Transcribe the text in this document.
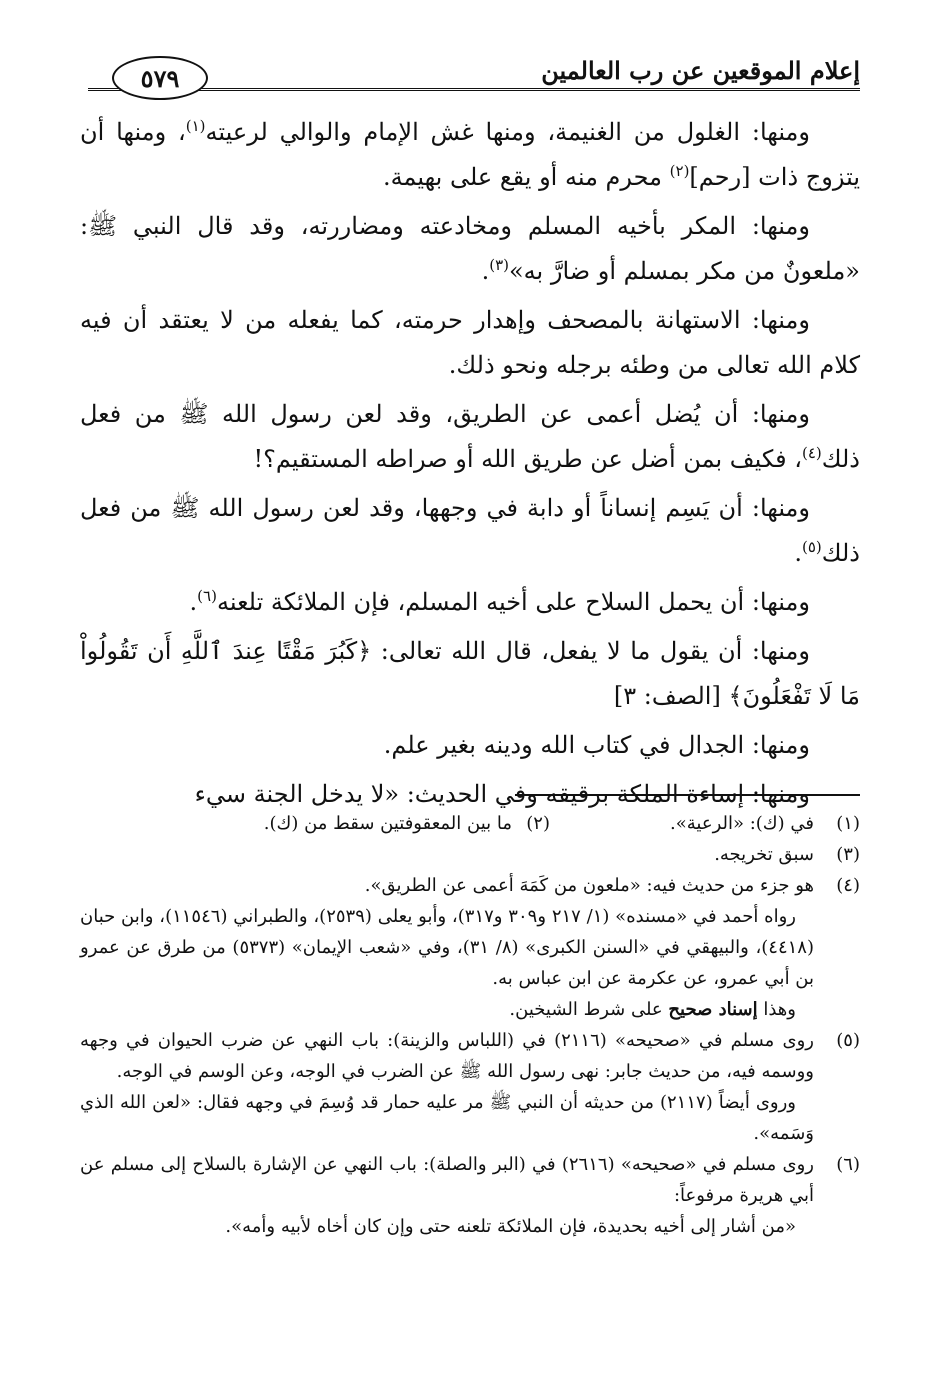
إعلام الموقعين عن رب العالمين
٥٧٩

ومنها: الغلول من الغنيمة، ومنها غش الإمام والوالي لرعيته$^{(١)}$، ومنها أن يتزوج ذات [رحم]$^{(٢)}$ محرم منه أو يقع على بهيمة.

ومنها: المكر بأخيه المسلم ومخادعته ومضاررته، وقد قال النبي ﷺ: «ملعونٌ من مكر بمسلم أو ضارَّ به»$^{(٣)}$.

ومنها: الاستهانة بالمصحف وإهدار حرمته، كما يفعله من لا يعتقد أن فيه كلام الله تعالى من وطئه برجله ونحو ذلك.

ومنها: أن يُضل أعمى عن الطريق، وقد لعن رسول الله ﷺ من فعل ذلك$^{(٤)}$، فكيف بمن أضل عن طريق الله أو صراطه المستقيم؟!

ومنها: أن يَسِم إنساناً أو دابة في وجهها، وقد لعن رسول الله ﷺ من فعل ذلك$^{(٥)}$.

ومنها: أن يحمل السلاح على أخيه المسلم، فإن الملائكة تلعنه$^{(٦)}$.

ومنها: أن يقول ما لا يفعل، قال الله تعالى: ﴿كَبُرَ مَقْتًا عِندَ ٱللَّهِ أَن تَقُولُواْ مَا لَا تَفْعَلُونَ﴾ [الصف: ٣]

ومنها: الجدال في كتاب الله ودينه بغير علم.

ومنها: إساءة الملكة برقيقه وفي الحديث: «لا يدخل الجنة سيء

(١)
في (ك): «الرعية».
(٢)
ما بين المعقوفتين سقط من (ك).
(٣)
سبق تخريجه.
(٤)
هو جزء من حديث فيه: «ملعون من كَمَهَ أعمى عن الطريق».
رواه أحمد في «مسنده» (١/ ٢١٧ و٣٠٩ و٣١٧)، وأبو يعلى (٢٥٣٩)، والطبراني (١١٥٤٦)، وابن حبان (٤٤١٨)، والبيهقي في «السنن الكبرى» (٨/ ٣١)، وفي «شعب الإيمان» (٥٣٧٣) من طرق عن عمرو بن أبي عمرو، عن عكرمة عن ابن عباس به.
وهذا إسناد صحيح على شرط الشيخين.
(٥)
روى مسلم في «صحيحه» (٢١١٦) في (اللباس والزينة): باب النهي عن ضرب الحيوان في وجهه ووسمه فيه، من حديث جابر: نهى رسول الله ﷺ عن الضرب في الوجه، وعن الوسم في الوجه.
وروى أيضاً (٢١١٧) من حديثه أن النبي ﷺ مر عليه حمار قد وُسِمَ في وجهه فقال: «لعن الله الذي وَسَمه».
(٦)
روى مسلم في «صحيحه» (٢٦١٦) في (البر والصلة): باب النهي عن الإشارة بالسلاح إلى مسلم عن أبي هريرة مرفوعاً:
«من أشار إلى أخيه بحديدة، فإن الملائكة تلعنه حتى وإن كان أخاه لأبيه وأمه».
